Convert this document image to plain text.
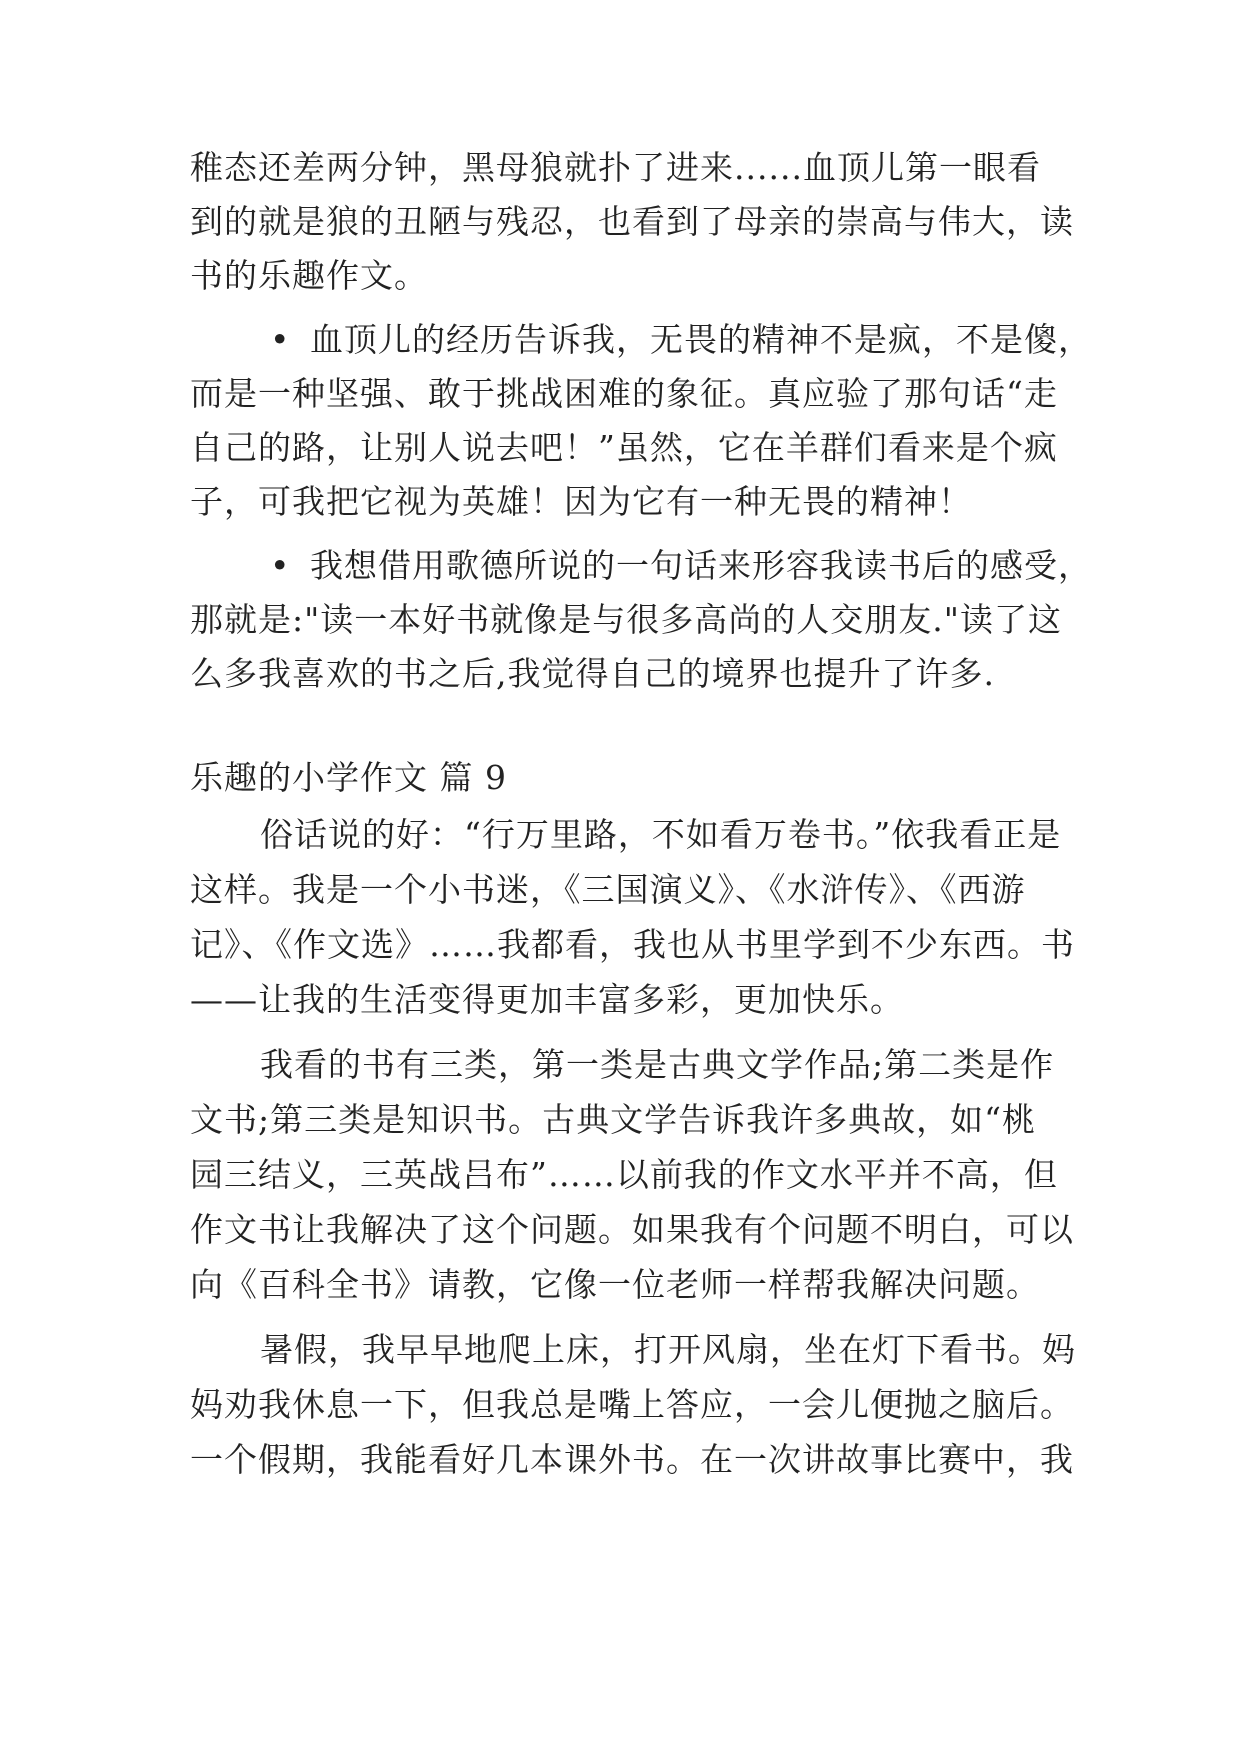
稚态还差两分钟，黑母狼就扑了进来......血顶儿第一眼看
到的就是狼的丑陋与残忍，也看到了母亲的崇高与伟大，读
书的乐趣作文。
• 血顶儿的经历告诉我，无畏的精神不是疯，不是傻，
而是一种坚强、敢于挑战困难的象征。真应验了那句话“走
自己的路，让别人说去吧！”虽然，它在羊群们看来是个疯
子，可我把它视为英雄！因为它有一种无畏的精神！
• 我想借用歌德所说的一句话来形容我读书后的感受，
那就是:"读一本好书就像是与很多高尚的人交朋友."读了这
么多我喜欢的书之后,我觉得自己的境界也提升了许多.
乐趣的小学作文 篇 9
俗话说的好：“行万里路，不如看万卷书。”依我看正是
这样。我是一个小书迷，《三国演义》、《水浒传》、《西游
记》、《作文选》……我都看，我也从书里学到不少东西。书
——让我的生活变得更加丰富多彩，更加快乐。
我看的书有三类，第一类是古典文学作品;第二类是作
文书;第三类是知识书。古典文学告诉我许多典故，如“桃
园三结义，三英战吕布”……以前我的作文水平并不高，但
作文书让我解决了这个问题。如果我有个问题不明白，可以
向《百科全书》请教，它像一位老师一样帮我解决问题。
暑假，我早早地爬上床，打开风扇，坐在灯下看书。妈
妈劝我休息一下，但我总是嘴上答应，一会儿便抛之脑后。
一个假期，我能看好几本课外书。在一次讲故事比赛中，我
